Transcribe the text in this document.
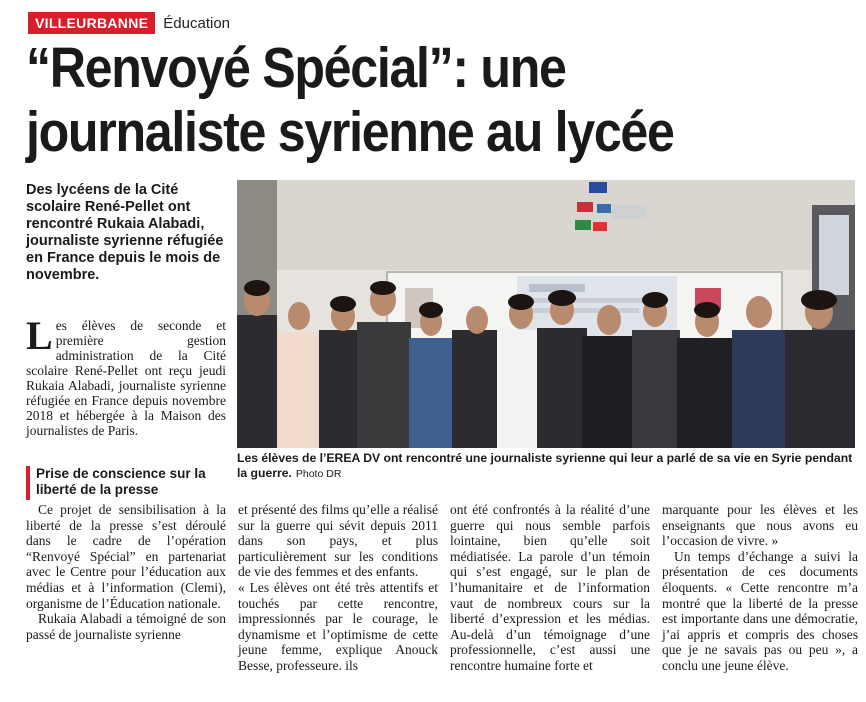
VILLEURBANNE	Éducation
“Renvoyé Spécial”: une
journaliste syrienne au lycée

Des lycéens de la Cité scolaire René-Pellet ont rencontré Rukaia Alabadi, journaliste syrienne réfugiée en France depuis le mois de novembre.

Les élèves de seconde et première gestion administration de la Cité scolaire René-Pellet ont reçu jeudi Rukaia Alabadi, journaliste syrienne réfugiée en France depuis novembre 2018 et hébergée à la Maison des journalistes de Paris.

Prise de conscience sur la liberté de la presse

Les élèves de l’EREA DV ont rencontré une journaliste syrienne qui leur a parlé de sa vie en Syrie pendant la guerre. Photo DR

Ce projet de sensibilisation à la liberté de la presse s’est déroulé dans le cadre de l’opération “Renvoyé Spécial” en partenariat avec le Centre pour l’éducation aux médias et à l’information (Clemi), organisme de l’Éducation nationale.

Rukaia Alabadi a témoigné de son passé de journaliste syrienne

et présenté des films qu’elle a réalisé sur la guerre qui sévit depuis 2011 dans son pays, et plus particulièrement sur les conditions de vie des femmes et des enfants.

« Les élèves ont été très attentifs et touchés par cette rencontre, impressionnés par le courage, le dynamisme et l’optimisme de cette jeune femme, explique Anouck Besse, professeure. ils

ont été confrontés à la réalité d’une guerre qui nous semble parfois lointaine, bien qu’elle soit médiatisée. La parole d’un témoin qui s’est engagé, sur le plan de l’humanitaire et de l’information vaut de nombreux cours sur la liberté d’expression et les médias. Au-delà d’un témoignage d’une professionnelle, c’est aussi une rencontre humaine forte et

marquante pour les élèves et les enseignants que nous avons eu l’occasion de vivre. »

Un temps d’échange a suivi la présentation de ces documents éloquents. « Cette rencontre m’a montré que la liberté de la presse est importante dans une démocratie, j’ai appris et compris des choses que je ne savais pas ou peu », a conclu une jeune élève.
